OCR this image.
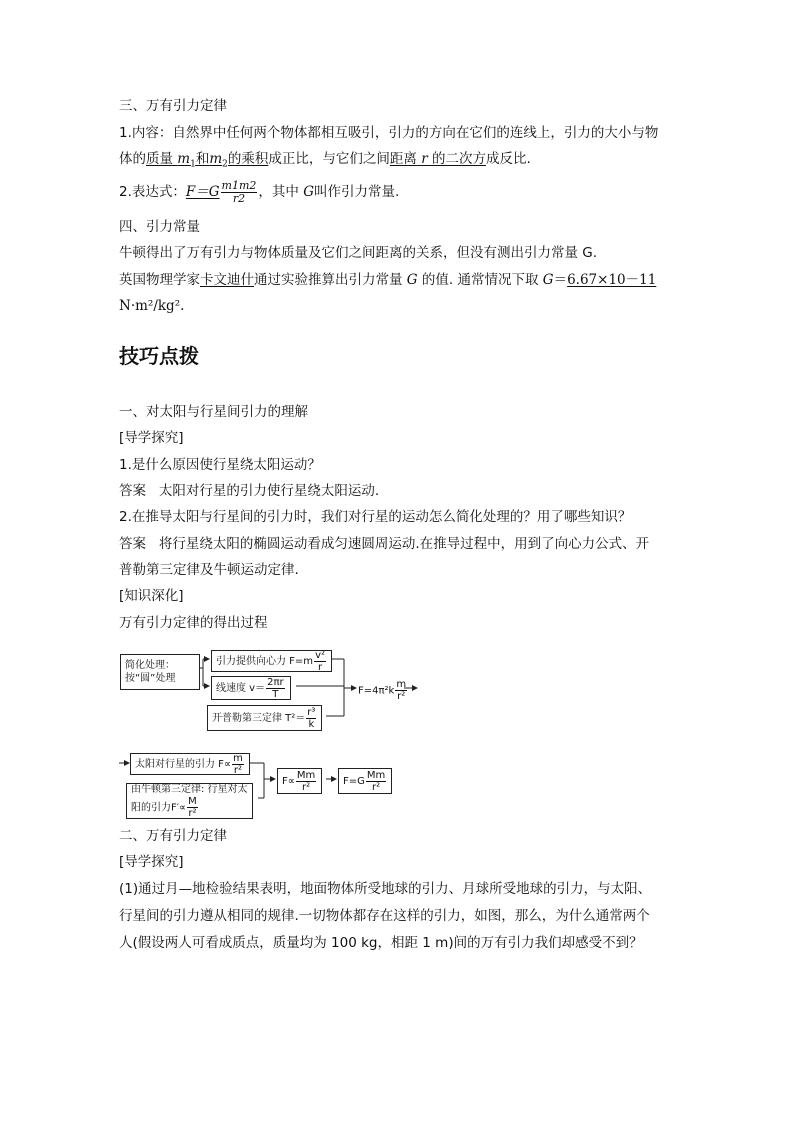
三、万有引力定律
1.内容：自然界中任何两个物体都相互吸引，引力的方向在它们的连线上，引力的大小与物
体的质量 $m_1$和$m_2$的乘积成正比，与它们之间距离 r 的二次方成反比.
2.表达式：$F=G \frac{m1m2}{r2}$ ，其中 G叫作引力常量.
四、引力常量
牛顿得出了万有引力与物体质量及它们之间距离的关系，但没有测出引力常量 G.
英国物理学家卡文迪什通过实验推算出引力常量 G 的值. 通常情况下取 G＝6.67×10－11
N·m²/kg².
技巧点拨
一、对太阳与行星间引力的理解
[导学探究]
1.是什么原因使行星绕太阳运动？
答案 太阳对行星的引力使行星绕太阳运动.
2.在推导太阳与行星间的引力时，我们对行星的运动怎么简化处理的？用了哪些知识？
答案 将行星绕太阳的椭圆运动看成匀速圆周运动.在推导过程中，用到了向心力公式、开
普勒第三定律及牛顿运动定律.
[知识深化]
万有引力定律的得出过程
简化处理：
按“圆”处理
引力提供向心力 $F=m \frac{\text{v²}}{r}$
线速度 $v= \frac{2\pi r}{T}$
开普勒第三定律 $T^2= \frac{\text{r³}}{k}$
$F=4\pi^2k \frac{m}{\text{r²}}$
太阳对行星的引力 $F\propto \frac{m}{\text{r²}}$
由牛顿第三定律: 行星对太
阳的引力$F'\propto \frac{M}{\text{r²}}$
$F\propto \frac{Mm}{\text{r²}}$	$F=G \frac{Mm}{\text{r²}}$
二、万有引力定律
[导学探究]
(1)通过月—地检验结果表明，地面物体所受地球的引力、月球所受地球的引力，与太阳、
行星间的引力遵从相同的规律.一切物体都存在这样的引力，如图，那么，为什么通常两个
人(假设两人可看成质点，质量均为 100 kg，相距 1 m)间的万有引力我们却感受不到？
